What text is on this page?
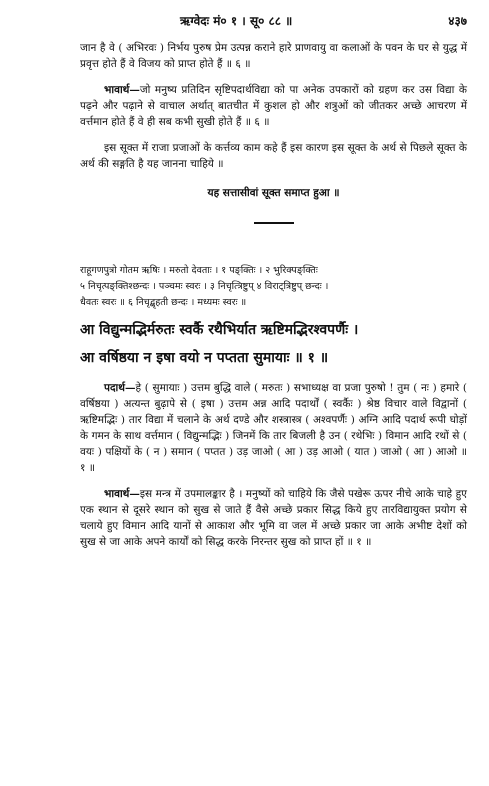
ऋग्वेदः मं० १ । सू० ८८ ॥	४३७

जान है वे ( अभिरवः ) निर्भय पुरुष प्रेम उत्पन्न कराने हारे प्राणवायु वा कलाओं के पवन के घर से युद्ध में प्रवृत्त होते हैं वे विजय को प्राप्त होते हैं ॥ ६ ॥

भावार्थ—जो मनुष्य प्रतिदिन सृष्टिपदार्थविद्या को पा अनेक उपकारों को ग्रहण कर उस विद्या के पढ़ने और पढ़ाने से वाचाल अर्थात् बातचीत में कुशल हो और शत्रुओं को जीतकर अच्छे आचरण में वर्त्तमान होते हैं वे ही सब कभी सुखी होते हैं ॥ ६ ॥

इस सूक्त में राजा प्रजाओं के कर्त्तव्य काम कहे हैं इस कारण इस सूक्त के अर्थ से पिछले सूक्त के अर्थ की सङ्गति है यह जानना चाहिये ॥

यह सत्तासीवां सूक्त समाप्त हुआ ॥

राहूगणपुत्रो गोतम ऋषिः । मरुतो देवताः । १ पङ्क्तिः । २ भुरिक्पङ्क्तिः

५ निचृत्पङ्क्तिश्छन्दः । पञ्चमः स्वरः । ३ निचृत्त्रिष्टुप् ४ विराट्त्रिष्टुप् छन्दः ।

धैवतः स्वरः ॥ ६ निचृद्बृहती छन्दः । मध्यमः स्वरः ॥

आ विद्युन्मद्भिर्मरुतः स्वर्कै रथैभिर्यात ऋष्टिमद्भिरश्वपर्णैः ।
आ वर्षिष्ठया न इषा वयो न पप्तता सुमायाः ॥ १ ॥

पदार्थ—हे ( सुमायाः ) उत्तम बुद्धि वाले ( मरुतः ) सभाध्यक्ष वा प्रजा पुरुषो ! तुम ( नः ) हमारे ( वर्षिष्ठया ) अत्यन्त बुढ़ापे से ( इषा ) उत्तम अन्न आदि पदार्थों ( स्वर्कैः ) श्रेष्ठ विचार वाले विद्वानों ( ऋष्टिमद्भिः ) तार विद्या में चलाने के अर्थ दण्डे और शस्त्रास्त्र ( अश्वपर्णैः ) अग्नि आदि पदार्थ रूपी घोड़ों के गमन के साथ वर्त्तमान ( विद्युन्मद्भिः ) जिनमें कि तार बिजली है उन ( रथेभिः ) विमान आदि रथों से ( वयः ) पक्षियों के ( न ) समान ( पप्तत ) उड़ जाओ ( आ ) उड़ आओ ( यात ) जाओ ( आ ) आओ ॥ १ ॥

भावार्थ—इस मन्त्र में उपमालङ्कार है । मनुष्यों को चाहिये कि जैसे पखेरू ऊपर नीचे आके चाहे हुए एक स्थान से दूसरे स्थान को सुख से जाते हैं वैसे अच्छे प्रकार सिद्ध किये हुए तारविद्यायुक्त प्रयोग से चलाये हुए विमान आदि यानों से आकाश और भूमि वा जल में अच्छे प्रकार जा आके अभीष्ट देशों को सुख से जा आके अपने कार्यों को सिद्ध करके निरन्तर सुख को प्राप्त हों ॥ १ ॥
